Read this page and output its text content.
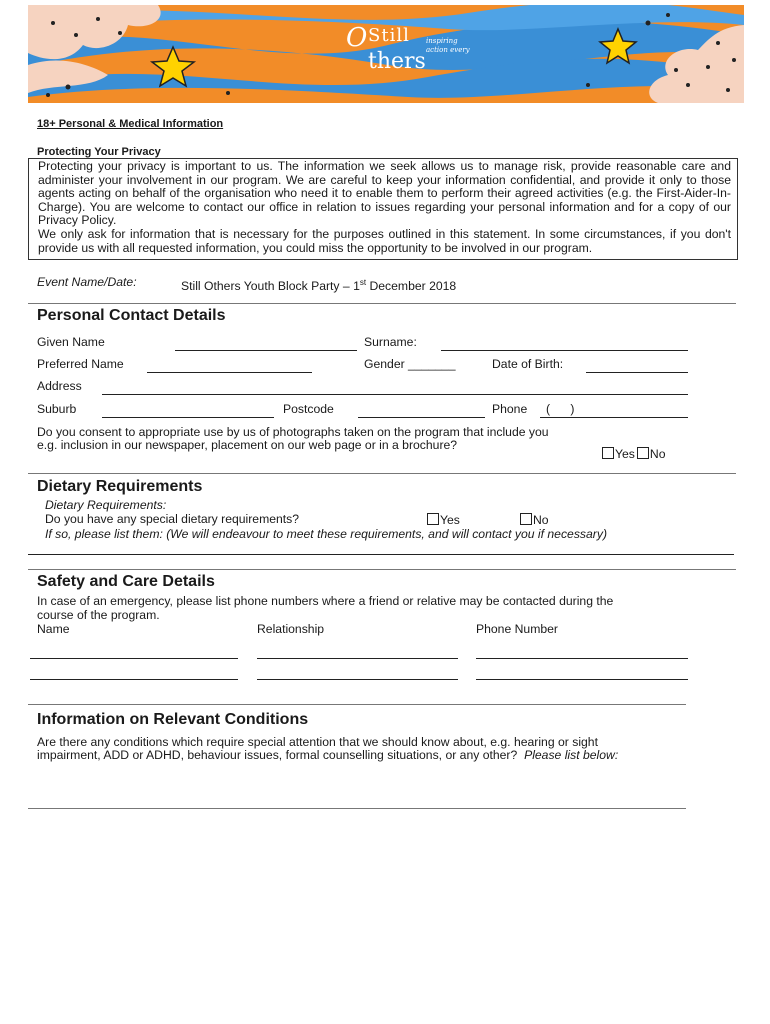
O Still
thers
inspiring
action every
18+ Personal & Medical Information
Protecting Your Privacy

Protecting your privacy is important to us. The information we seek allows us to manage risk, provide reasonable care and administer your involvement in our program. We are careful to keep your information confidential, and provide it only to those agents acting on behalf of the organisation who need it to enable them to perform their agreed activities (e.g. the First-Aider-In-Charge). You are welcome to contact our office in relation to issues regarding your personal information and for a copy of our Privacy Policy.

We only ask for information that is necessary for the purposes outlined in this statement. In some circumstances, if you don't provide us with all requested information, you could miss the opportunity to be involved in our program.

Event Name/Date:	Still Others Youth Block Party – 1st December 2018
Personal Contact Details
Given Name	Surname:
Preferred Name	Gender _______	Date of Birth:
Address
Suburb	Postcode	Phone (      )
Do you consent to appropriate use by us of photographs taken on the program that include you
e.g. inclusion in our newspaper, placement on our web page or in a brochure?
Yes No
Dietary Requirements
Dietary Requirements:
Do you have any special dietary requirements?	Yes	No
If so, please list them: (We will endeavour to meet these requirements, and will contact you if necessary)
Safety and Care Details
In case of an emergency, please list phone numbers where a friend or relative may be contacted during the
course of the program.
Name	Relationship	Phone Number
Information on Relevant Conditions
Are there any conditions which require special attention that we should know about, e.g. hearing or sight
impairment, ADD or ADHD, behaviour issues, formal counselling situations, or any other? Please list below:
